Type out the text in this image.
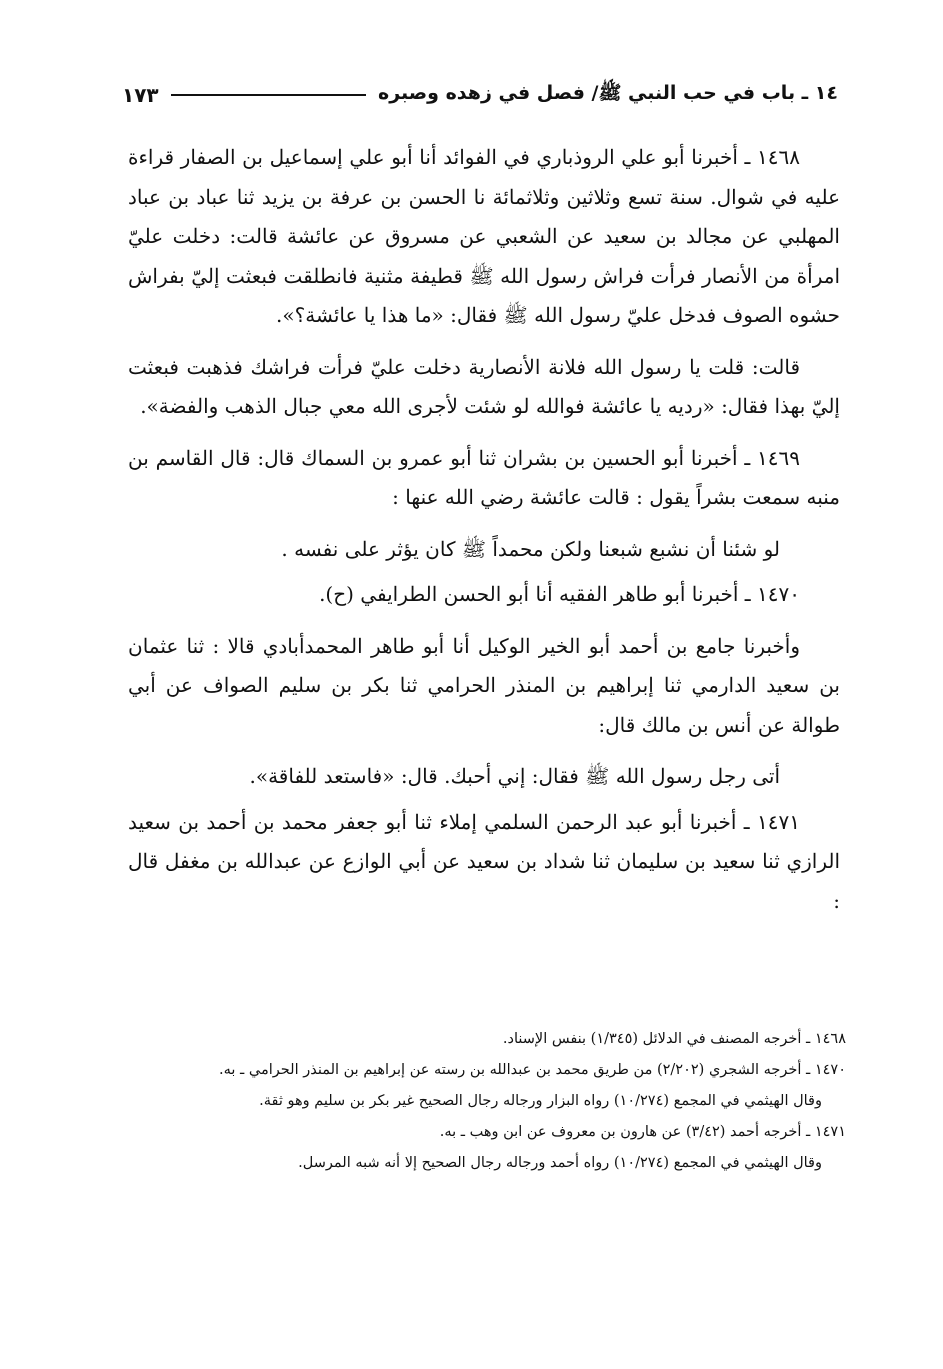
١٤ ـ باب في حب النبي ﷺ/ فصل في زهده وصبره
١٧٣

١٤٦٨ ـ أخبرنا أبو علي الروذباري في الفوائد أنا أبو علي إسماعيل بن الصفار قراءة عليه في شوال. سنة تسع وثلاثين وثلاثمائة نا الحسن بن عرفة بن يزيد ثنا عباد بن عباد المهلبي عن مجالد بن سعيد عن الشعبي عن مسروق عن عائشة قالت: دخلت عليّ امرأة من الأنصار فرأت فراش رسول الله ﷺ قطيفة مثنية فانطلقت فبعثت إليّ بفراش حشوه الصوف فدخل عليّ رسول الله ﷺ فقال: «ما هذا يا عائشة؟».

قالت: قلت يا رسول الله فلانة الأنصارية دخلت عليّ فرأت فراشك فذهبت فبعثت إليّ بهذا فقال: «رديه يا عائشة فوالله لو شئت لأجرى الله معي جبال الذهب والفضة».

١٤٦٩ ـ أخبرنا أبو الحسين بن بشران ثنا أبو عمرو بن السماك قال: قال القاسم بن منبه سمعت بشراً يقول : قالت عائشة رضي الله عنها :

لو شئنا أن نشبع شبعنا ولكن محمداً ﷺ كان يؤثر على نفسه .

١٤٧٠ ـ أخبرنا أبو طاهر الفقيه أنا أبو الحسن الطرايفي (ح).

وأخبرنا جامع بن أحمد أبو الخير الوكيل أنا أبو طاهر المحمدأبادي قالا : ثنا عثمان بن سعيد الدارمي ثنا إبراهيم بن المنذر الحرامي ثنا بكر بن سليم الصواف عن أبي طوالة عن أنس بن مالك قال:

أتى رجل رسول الله ﷺ فقال: إني أحبك. قال: «فاستعد للفاقة».

١٤٧١ ـ أخبرنا أبو عبد الرحمن السلمي إملاء ثنا أبو جعفر محمد بن أحمد بن سعيد الرازي ثنا سعيد بن سليمان ثنا شداد بن سعيد عن أبي الوازع عن عبدالله بن مغفل قال :

١٤٦٨ ـ أخرجه المصنف في الدلائل (١/٣٤٥) بنفس الإسناد.

١٤٧٠ ـ أخرجه الشجري (٢/٢٠٢) من طريق محمد بن عبدالله بن رسته عن إبراهيم بن المنذر الحرامي ـ به.

وقال الهيثمي في المجمع (١٠/٢٧٤) رواه البزار ورجاله رجال الصحيح غير بكر بن سليم وهو ثقة.

١٤٧١ ـ أخرجه أحمد (٣/٤٢) عن هارون بن معروف عن ابن وهب ـ به.

وقال الهيثمي في المجمع (١٠/٢٧٤) رواه أحمد ورجاله رجال الصحيح إلا أنه شبه المرسل.
